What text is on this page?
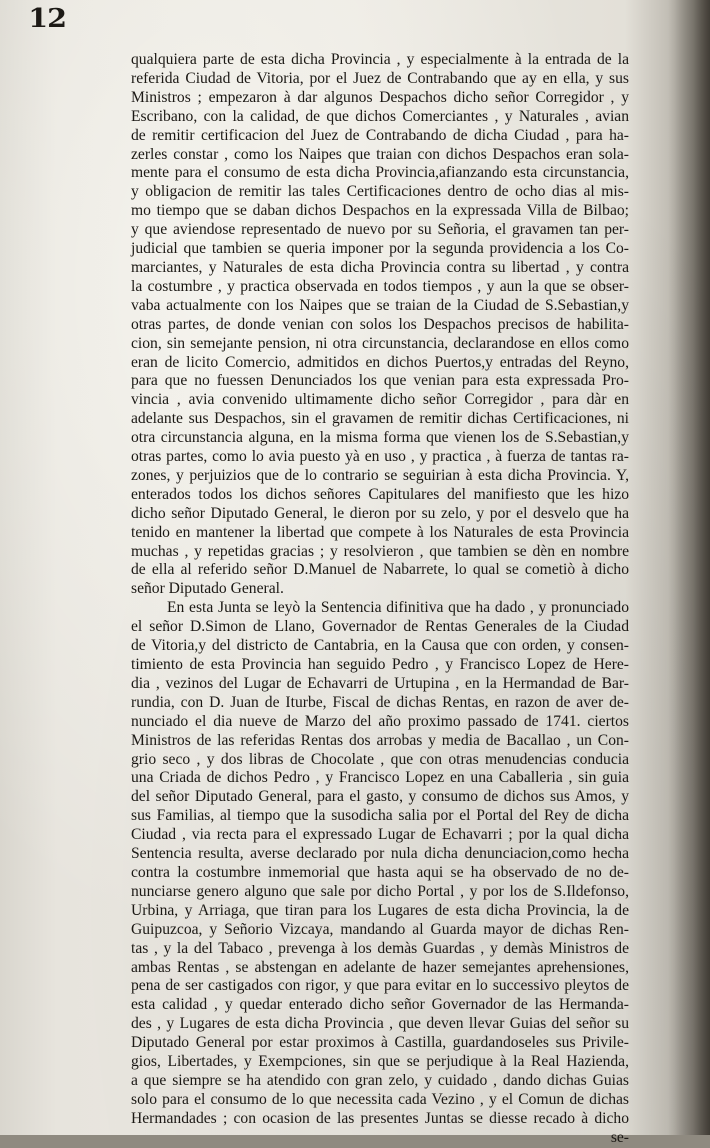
12
qualquiera parte de esta dicha Provincia , y especialmente à la entrada de la
referida Ciudad de Vitoria, por el Juez de Contrabando que ay en ella, y sus
Ministros ; empezaron à dar algunos Despachos dicho señor Corregidor , y
Escribano, con la calidad, de que dichos Comerciantes , y Naturales , avian
de remitir certificacion del Juez de Contrabando de dicha Ciudad , para ha-
zerles constar , como los Naipes que traian con dichos Despachos eran sola-
mente para el consumo de esta dicha Provincia,afianzando esta circunstancia,
y obligacion de remitir las tales Certificaciones dentro de ocho dias al mis-
mo tiempo que se daban dichos Despachos en la expressada Villa de Bilbao;
y que aviendose representado de nuevo por su Señoria, el gravamen tan per-
judicial que tambien se queria imponer por la segunda providencia a los Co-
marciantes, y Naturales de esta dicha Provincia contra su libertad , y contra
la costumbre , y practica observada en todos tiempos , y aun la que se obser-
vaba actualmente con los Naipes que se traian de la Ciudad de S.Sebastian,y
otras partes, de donde venian con solos los Despachos precisos de habilita-
cion, sin semejante pension, ni otra circunstancia, declarandose en ellos como
eran de licito Comercio, admitidos en dichos Puertos,y entradas del Reyno,
para que no fuessen Denunciados los que venian para esta expressada Pro-
vincia , avia convenido ultimamente dicho señor Corregidor , para dàr en
adelante sus Despachos, sin el gravamen de remitir dichas Certificaciones, ni
otra circunstancia alguna, en la misma forma que vienen los de S.Sebastian,y
otras partes, como lo avia puesto yà en uso , y practica , à fuerza de tantas ra-
zones, y perjuizios que de lo contrario se seguirian à esta dicha Provincia. Y,
enterados todos los dichos señores Capitulares del manifiesto que les hizo
dicho señor Diputado General, le dieron por su zelo, y por el desvelo que ha
tenido en mantener la libertad que compete à los Naturales de esta Provincia
muchas , y repetidas gracias ; y resolvieron , que tambien se dèn en nombre
de ella al referido señor D.Manuel de Nabarrete, lo qual se cometiò à dicho
señor Diputado General.
En esta Junta se leyò la Sentencia difinitiva que ha dado , y pronunciado
el señor D.Simon de Llano, Governador de Rentas Generales de la Ciudad
de Vitoria,y del districto de Cantabria, en la Causa que con orden, y consen-
timiento de esta Provincia han seguido Pedro , y Francisco Lopez de Here-
dia , vezinos del Lugar de Echavarri de Urtupina , en la Hermandad de Bar-
rundia, con D. Juan de Iturbe, Fiscal de dichas Rentas, en razon de aver de-
nunciado el dia nueve de Marzo del año proximo passado de 1741. ciertos
Ministros de las referidas Rentas dos arrobas y media de Bacallao , un Con-
grio seco , y dos libras de Chocolate , que con otras menudencias conducia
una Criada de dichos Pedro , y Francisco Lopez en una Caballeria , sin guia
del señor Diputado General, para el gasto, y consumo de dichos sus Amos, y
sus Familias, al tiempo que la susodicha salia por el Portal del Rey de dicha
Ciudad , via recta para el expressado Lugar de Echavarri ; por la qual dicha
Sentencia resulta, averse declarado por nula dicha denunciacion,como hecha
contra la costumbre inmemorial que hasta aqui se ha observado de no de-
nunciarse genero alguno que sale por dicho Portal , y por los de S.Ildefonso,
Urbina, y Arriaga, que tiran para los Lugares de esta dicha Provincia, la de
Guipuzcoa, y Señorio Vizcaya, mandando al Guarda mayor de dichas Ren-
tas , y la del Tabaco , prevenga à los demàs Guardas , y demàs Ministros de
ambas Rentas , se abstengan en adelante de hazer semejantes aprehensiones,
pena de ser castigados con rigor, y que para evitar en lo successivo pleytos de
esta calidad , y quedar enterado dicho señor Governador de las Hermanda-
des , y Lugares de esta dicha Provincia , que deven llevar Guias del señor su
Diputado General por estar proximos à Castilla, guardandoseles sus Privile-
gios, Libertades, y Exempciones, sin que se perjudique à la Real Hazienda,
a que siempre se ha atendido con gran zelo, y cuidado , dando dichas Guias
solo para el consumo de lo que necessita cada Vezino , y el Comun de dichas
Hermandades ; con ocasion de las presentes Juntas se diesse recado à dicho
se-
